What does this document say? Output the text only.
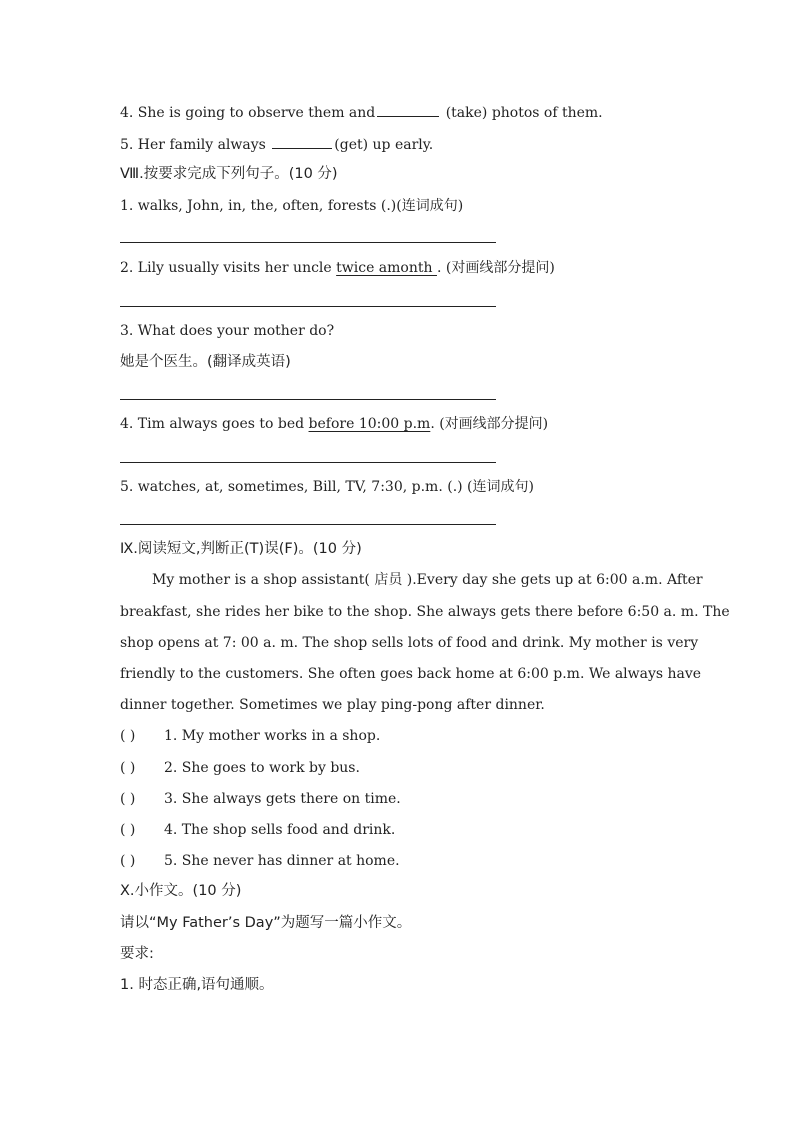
4. She is going to observe them and	(take) photos of them.
5. Her family always	(get) up early.
Ⅷ.按要求完成下列句子。(10 分)
1. walks, John, in, the, often, forests (.)(连词成句)
2. Lily usually visits her uncle twice amonth . (对画线部分提问)
3. What does your mother do?
她是个医生。(翻译成英语)
4. Tim always goes to bed before 10:00 p.m. (对画线部分提问)
5. watches, at, sometimes, Bill, TV, 7:30, p.m. (.) (连词成句)
Ⅸ.阅读短文,判断正(T)误(F)。(10 分)
My mother is a shop assistant( 店员 ).Every day she gets up at 6:00 a.m. After
breakfast, she rides her bike to the shop. She always gets there before 6:50 a. m. The
shop opens at 7: 00 a. m. The shop sells lots of food and drink. My mother is very
friendly to the customers. She often goes back home at 6:00 p.m. We always have
dinner together. Sometimes we play ping-pong after dinner.
( ) 1. My mother works in a shop.
( ) 2. She goes to work by bus.
( ) 3. She always gets there on time.
( ) 4. The shop sells food and drink.
( ) 5. She never has dinner at home.
Ⅹ.小作文。(10 分)
请以“My Father’s Day”为题写一篇小作文。
要求:
1. 时态正确,语句通顺。
